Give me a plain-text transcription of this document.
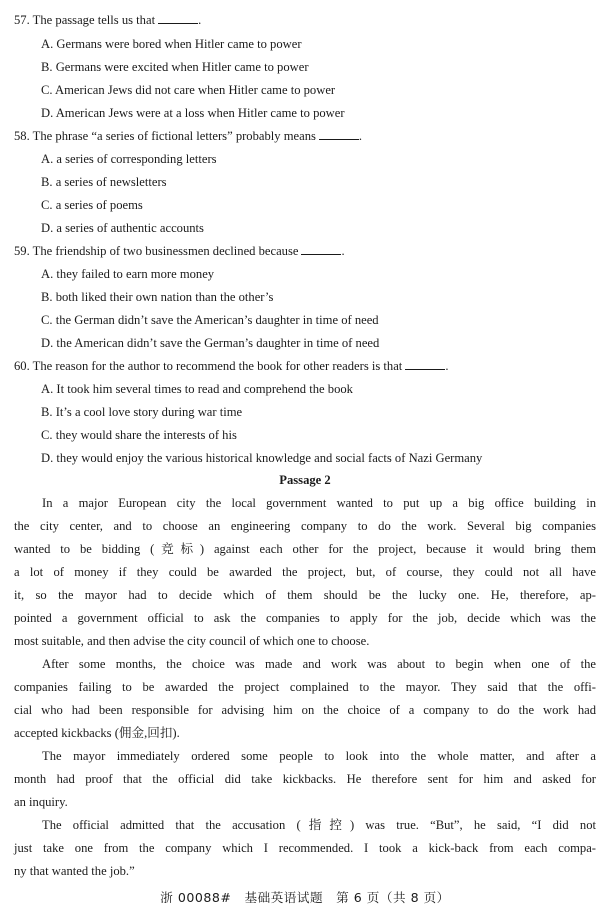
57. The passage tells us that	.
A. Germans were bored when Hitler came to power
B. Germans were excited when Hitler came to power
C. American Jews did not care when Hitler came to power
D. American Jews were at a loss when Hitler came to power
58. The phrase “a series of fictional letters” probably means	.
A. a series of corresponding letters
B. a series of newsletters
C. a series of poems
D. a series of authentic accounts
59. The friendship of two businessmen declined because	.
A. they failed to earn more money
B. both liked their own nation than the other’s
C. the German didn’t save the American’s daughter in time of need
D. the American didn’t save the German’s daughter in time of need
60. The reason for the author to recommend the book for other readers is that	.
A. It took him several times to read and comprehend the book
B. It’s a cool love story during war time
C. they would share the interests of his
D. they would enjoy the various historical knowledge and social facts of Nazi Germany
Passage 2
In a major European city the local government wanted to put up a big office building in
the city center, and to choose an engineering company to do the work. Several big companies
wanted to be bidding (竞标) against each other for the project, because it would bring them
a lot of money if they could be awarded the project, but, of course, they could not all have
it, so the mayor had to decide which of them should be the lucky one. He, therefore, ap-
pointed a government official to ask the companies to apply for the job, decide which was the
most suitable, and then advise the city council of which one to choose.
After some months, the choice was made and work was about to begin when one of the
companies failing to be awarded the project complained to the mayor. They said that the offi-
cial who had been responsible for advising him on the choice of a company to do the work had
accepted kickbacks (佣金,回扣).
The mayor immediately ordered some people to look into the whole matter, and after a
month had proof that the official did take kickbacks. He therefore sent for him and asked for
an inquiry.
The official admitted that the accusation (指控) was true. “But”, he said, “I did not
just take one from the company which I recommended. I took a kick-back from each compa-
ny that wanted the job.”
浙 00088#　基础英语试题　第 6 页（共 8 页）
